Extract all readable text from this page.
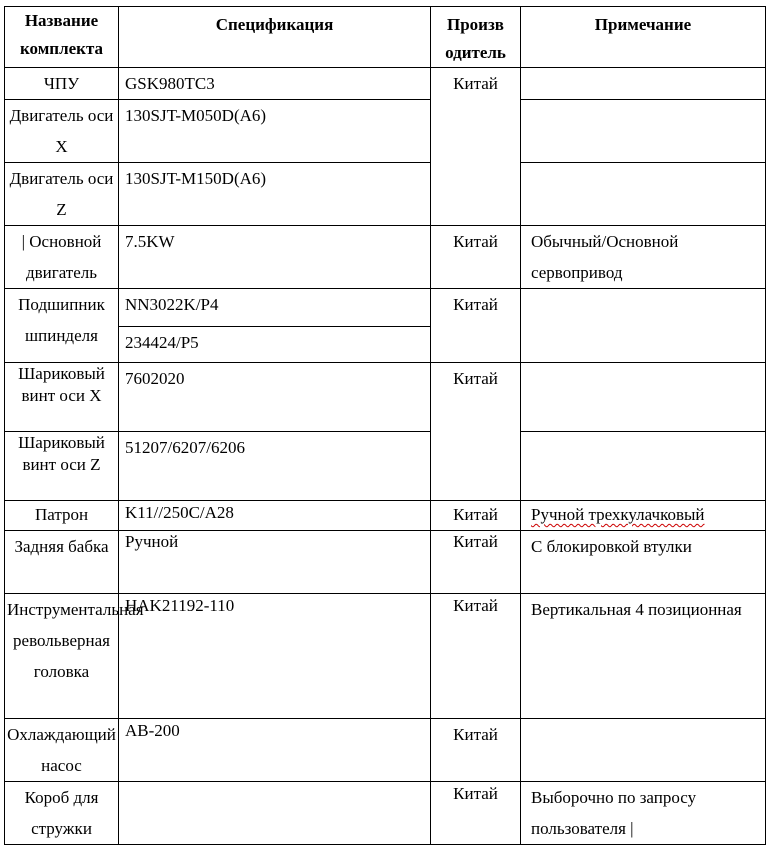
Название комплекта	Спецификация	Произв одитель	Примечание
ЧПУ	GSK980TC3	Китай	
Двигатель оси X	130SJT-M050D(A6)		
Двигатель оси Z	130SJT-M150D(A6)		
| Основной двигатель	7.5KW	Китай	Обычный/Основной сервопривод
Подшипник шпинделя	NN3022K/P4	Китай	
	234424/P5		
Шариковый винт оси X	7602020	Китай	
Шариковый винт оси Z	51207/6207/6206		
Патрон	K11//250C/A28	Китай	Ручной трехкулачковый
Задняя бабка	Ручной	Китай	С блокировкой втулки
Инструментальная револьверная головка	HAK21192-110	Китай	Вертикальная 4 позиционная
Охлаждающий насос	AB-200	Китай	
Короб для стружки		Китай	Выборочно по запросу пользователя |
